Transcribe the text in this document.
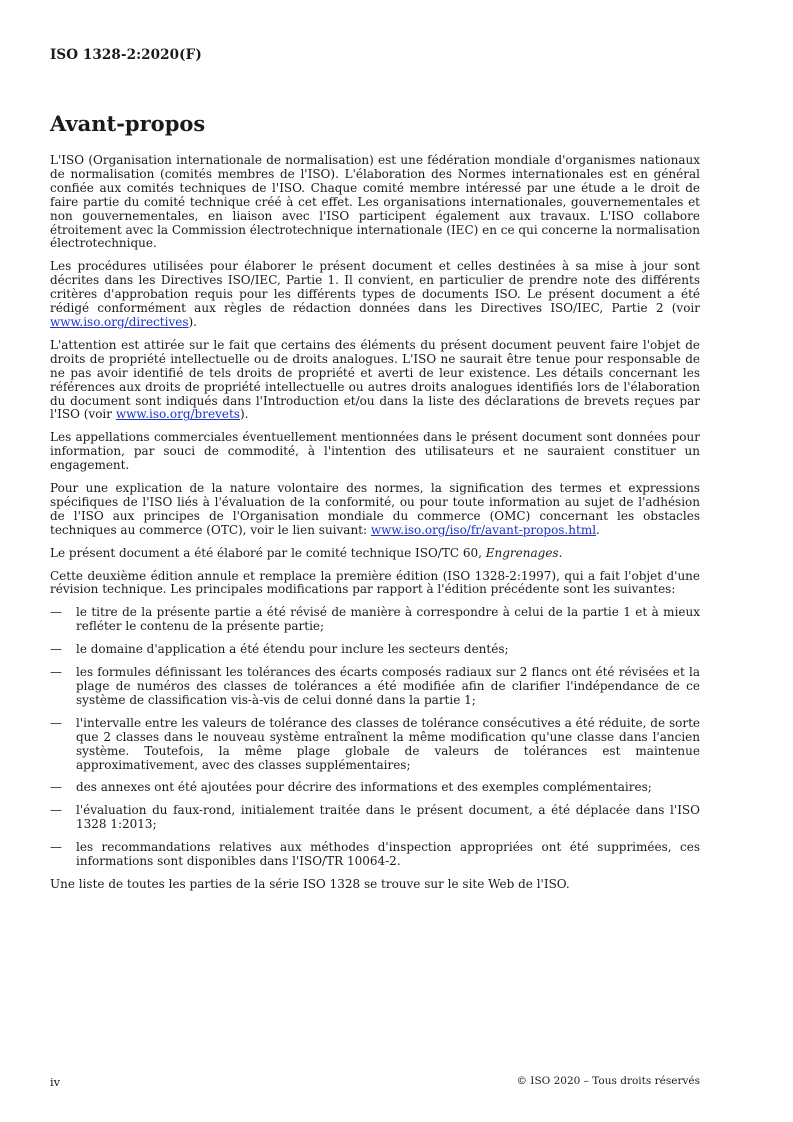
ISO 1328-2:2020(F)
Avant-propos

L'ISO (Organisation internationale de normalisation) est une fédération mondiale d'organismes nationaux de normalisation (comités membres de l'ISO). L'élaboration des Normes internationales est en général confiée aux comités techniques de l'ISO. Chaque comité membre intéressé par une étude a le droit de faire partie du comité technique créé à cet effet. Les organisations internationales, gouvernementales et non gouvernementales, en liaison avec l'ISO participent également aux travaux. L'ISO collabore étroitement avec la Commission électrotechnique internationale (IEC) en ce qui concerne la normalisation électrotechnique.

Les procédures utilisées pour élaborer le présent document et celles destinées à sa mise à jour sont décrites dans les Directives ISO/IEC, Partie 1. Il convient, en particulier de prendre note des différents critères d'approbation requis pour les différents types de documents ISO. Le présent document a été rédigé conformément aux règles de rédaction données dans les Directives ISO/IEC, Partie 2 (voir www.iso.org/directives).

L'attention est attirée sur le fait que certains des éléments du présent document peuvent faire l'objet de droits de propriété intellectuelle ou de droits analogues. L'ISO ne saurait être tenue pour responsable de ne pas avoir identifié de tels droits de propriété et averti de leur existence. Les détails concernant les références aux droits de propriété intellectuelle ou autres droits analogues identifiés lors de l'élaboration du document sont indiqués dans l'Introduction et/ou dans la liste des déclarations de brevets reçues par l'ISO (voir www.iso.org/brevets).

Les appellations commerciales éventuellement mentionnées dans le présent document sont données pour information, par souci de commodité, à l'intention des utilisateurs et ne sauraient constituer un engagement.

Pour une explication de la nature volontaire des normes, la signification des termes et expressions spécifiques de l'ISO liés à l'évaluation de la conformité, ou pour toute information au sujet de l'adhésion de l'ISO aux principes de l'Organisation mondiale du commerce (OMC) concernant les obstacles techniques au commerce (OTC), voir le lien suivant: www.iso.org/iso/fr/avant-propos.html.

Le présent document a été élaboré par le comité technique ISO/TC 60, Engrenages.

Cette deuxième édition annule et remplace la première édition (ISO 1328-2:1997), qui a fait l'objet d'une révision technique. Les principales modifications par rapport à l'édition précédente sont les suivantes:

— le titre de la présente partie a été révisé de manière à correspondre à celui de la partie 1 et à mieux refléter le contenu de la présente partie;
— le domaine d'application a été étendu pour inclure les secteurs dentés;
— les formules définissant les tolérances des écarts composés radiaux sur 2 flancs ont été révisées et la plage de numéros des classes de tolérances a été modifiée afin de clarifier l'indépendance de ce système de classification vis-à-vis de celui donné dans la partie 1;
— l'intervalle entre les valeurs de tolérance des classes de tolérance consécutives a été réduite, de sorte que 2 classes dans le nouveau système entraînent la même modification qu'une classe dans l'ancien système. Toutefois, la même plage globale de valeurs de tolérances est maintenue approximativement, avec des classes supplémentaires;
— des annexes ont été ajoutées pour décrire des informations et des exemples complémentaires;
— l'évaluation du faux-rond, initialement traitée dans le présent document, a été déplacée dans l'ISO 1328 1:2013;
— les recommandations relatives aux méthodes d'inspection appropriées ont été supprimées, ces informations sont disponibles dans l'ISO/TR 10064-2.

Une liste de toutes les parties de la série ISO 1328 se trouve sur le site Web de l'ISO.

iv	© ISO 2020 – Tous droits réservés
